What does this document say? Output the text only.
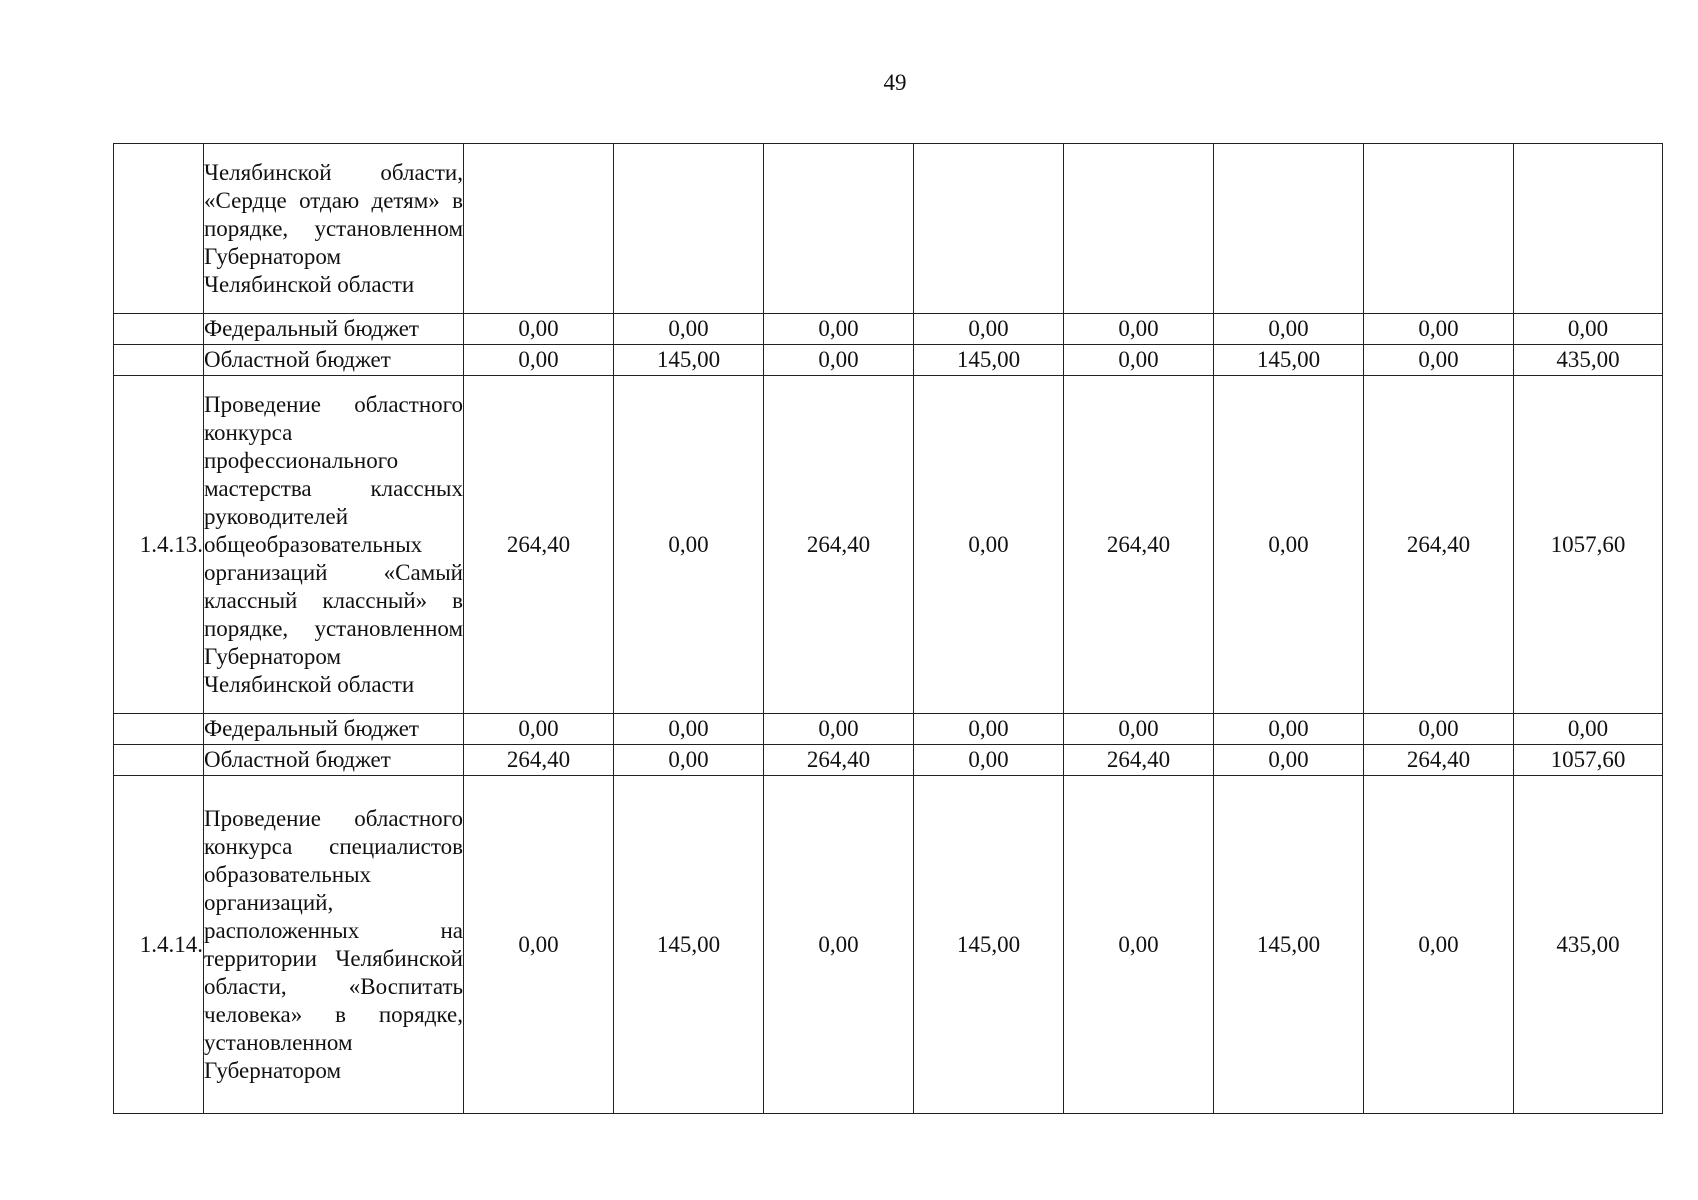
49
	Челябинской области, «Сердце отдаю детям» в порядке, установленном Губернатором Челябинской области								
	Федеральный бюджет	0,00	0,00	0,00	0,00	0,00	0,00	0,00	0,00
	Областной бюджет	0,00	145,00	0,00	145,00	0,00	145,00	0,00	435,00
1.4.13.	Проведение областного конкурса профессионального мастерства классных руководителей общеобразовательных организаций «Самый классный классный» в порядке, установленном Губернатором Челябинской области	264,40	0,00	264,40	0,00	264,40	0,00	264,40	1057,60
	Федеральный бюджет	0,00	0,00	0,00	0,00	0,00	0,00	0,00	0,00
	Областной бюджет	264,40	0,00	264,40	0,00	264,40	0,00	264,40	1057,60
1.4.14.	Проведение областного конкурса специалистов образовательных организаций, расположенных на территории Челябинской области, «Воспитать человека» в порядке, установленном Губернатором	0,00	145,00	0,00	145,00	0,00	145,00	0,00	435,00
